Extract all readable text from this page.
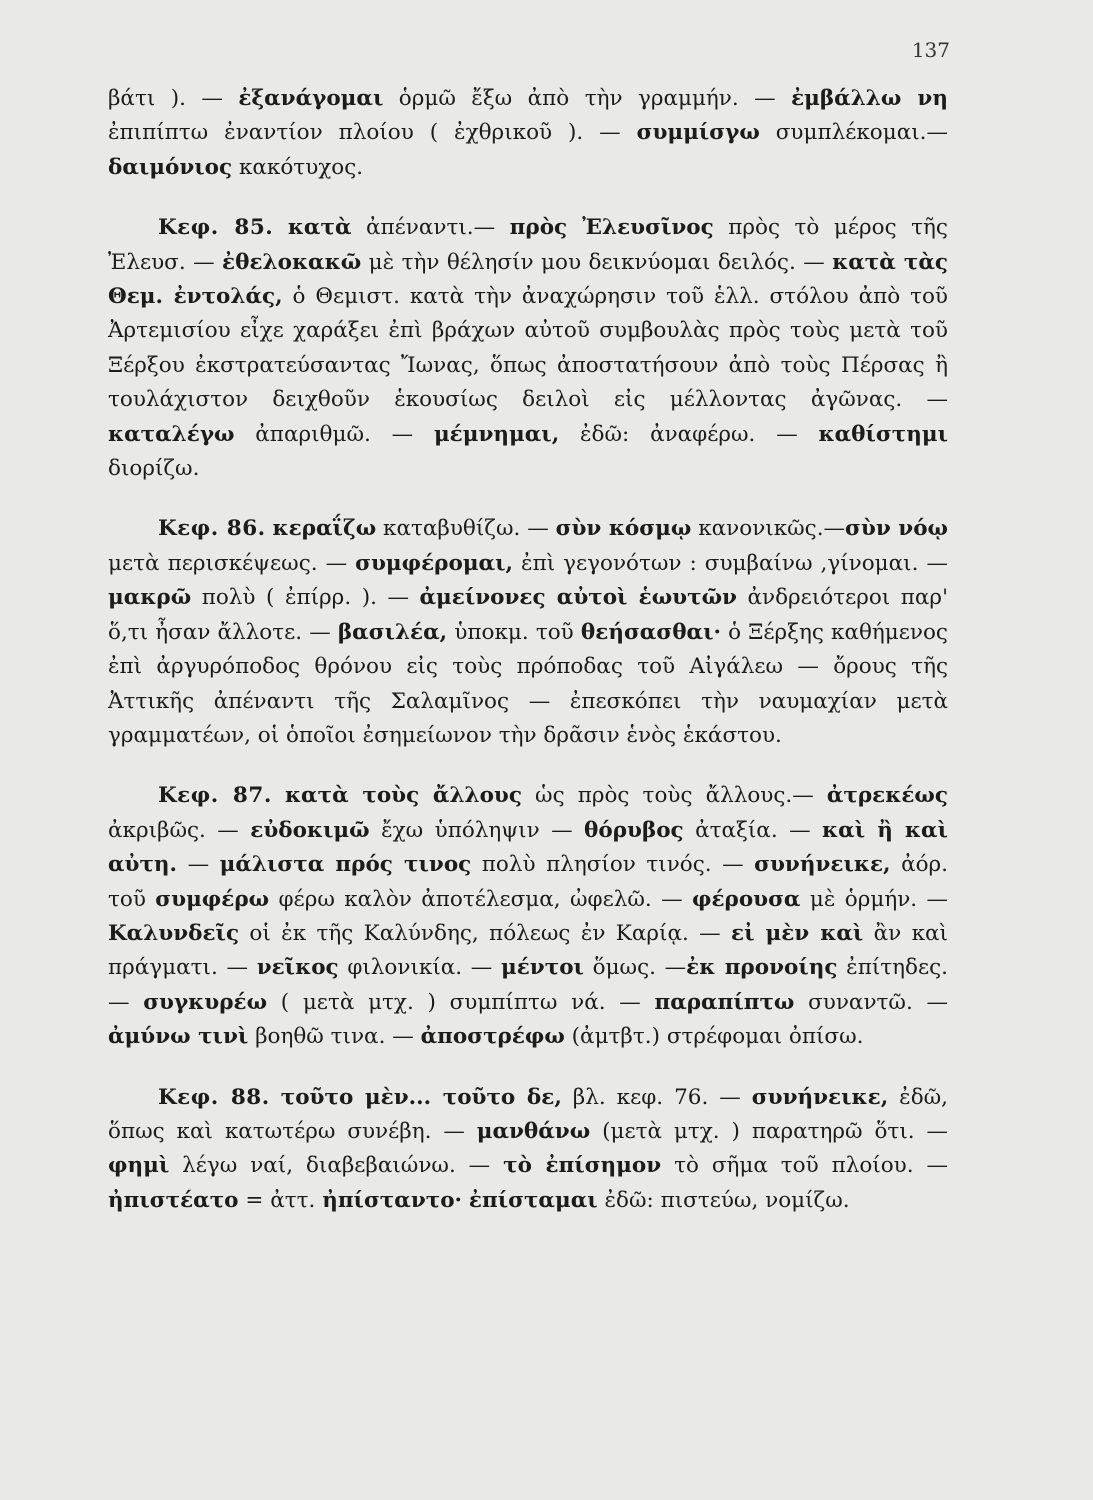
137

βάτι ). — ἐξανάγομαι ὁρμῶ ἔξω ἀπὸ τὴν γραμμήν. — ἐμβάλλω νη ἐπιπίπτω ἐναντίον πλοίου ( ἐχθρικοῦ ). — συμμίσγω συμπλέκομαι.— δαιμόνιος κακότυχος.

Κεφ. 85. κατὰ ἀπέναντι.— πρὸς Ἐλευσῖνος πρὸς τὸ μέρος τῆς Ἐλευσ. — ἐθελοκακῶ μὲ τὴν θέλησίν μου δεικνύομαι δειλός. — κατὰ τὰς Θεμ. ἐντολάς, ὁ Θεμιστ. κατὰ τὴν ἀναχώρησιν τοῦ ἑλλ. στόλου ἀπὸ τοῦ Ἀρτεμισίου εἶχε χαράξει ἐπὶ βράχων αὐτοῦ συμβουλὰς πρὸς τοὺς μετὰ τοῦ Ξέρξου ἐκστρατεύσαντας Ἴωνας, ὅπως ἀποστατήσουν ἀπὸ τοὺς Πέρσας ἢ τουλάχιστον δειχθοῦν ἑκουσίως δειλοὶ εἰς μέλλοντας ἀγῶνας. — καταλέγω ἀπαριθμῶ. — μέμνημαι, ἐδῶ: ἀναφέρω. — καθίστημι διορίζω.

Κεφ. 86. κεραΐζω καταβυθίζω. — σὺν κόσμῳ κανονικῶς.—σὺν νόῳ μετὰ περισκέψεως. — συμφέρομαι, ἐπὶ γεγονότων : συμβαίνω ,γίνομαι. — μακρῶ πολὺ ( ἐπίρρ. ). — ἀμείνονες αὐτοὶ ἑωυτῶν ἀνδρειότεροι παρ' ὅ,τι ἦσαν ἄλλοτε. — βασιλέα, ὑποκμ. τοῦ θεήσασθαι· ὁ Ξέρξης καθήμενος ἐπὶ ἀργυρόποδος θρόνου εἰς τοὺς πρόποδας τοῦ Αἰγάλεω — ὄρους τῆς Ἀττικῆς ἀπέναντι τῆς Σαλαμῖνος — ἐπεσκόπει τὴν ναυμαχίαν μετὰ γραμματέων, οἱ ὁποῖοι ἐσημείωνον τὴν δρᾶσιν ἑνὸς ἑκάστου.

Κεφ. 87. κατὰ τοὺς ἄλλους ὡς πρὸς τοὺς ἄλλους.— ἀτρεκέως ἀκριβῶς. — εὐδοκιμῶ ἔχω ὑπόληψιν — θόρυβος ἀταξία. — καὶ ἢ καὶ αὐτη. — μάλιστα πρός τινος πολὺ πλησίον τινός. — συνήνεικε, ἀόρ. τοῦ συμφέρω φέρω καλὸν ἀποτέλεσμα, ὠφελῶ. — φέρουσα μὲ ὁρμήν. — Καλυνδεῖς οἱ ἐκ τῆς Καλύνδης, πόλεως ἐν Καρίᾳ. — εἰ μὲν καὶ ἂν καὶ πράγματι. — νεῖκος φιλονικία. — μέντοι ὅμως. —ἐκ προνοίης ἐπίτηδες. — συγκυρέω ( μετὰ μτχ. ) συμπίπτω νά. — παραπίπτω συναντῶ. — ἀμύνω τινὶ βοηθῶ τινα. — ἀποστρέφω (ἀμτβτ.) στρέφομαι ὀπίσω.

Κεφ. 88. τοῦτο μὲν... τοῦτο δε, βλ. κεφ. 76. — συνήνεικε, ἐδῶ, ὅπως καὶ κατωτέρω συνέβη. — μανθάνω (μετὰ μτχ. ) παρατηρῶ ὅτι. — φημὶ λέγω ναί, διαβεβαιώνω. — τὸ ἐπίσημον τὸ σῆμα τοῦ πλοίου. — ἠπιστέατο = ἀττ. ἠπίσταντο· ἐπίσταμαι ἐδῶ: πιστεύω, νομίζω.
